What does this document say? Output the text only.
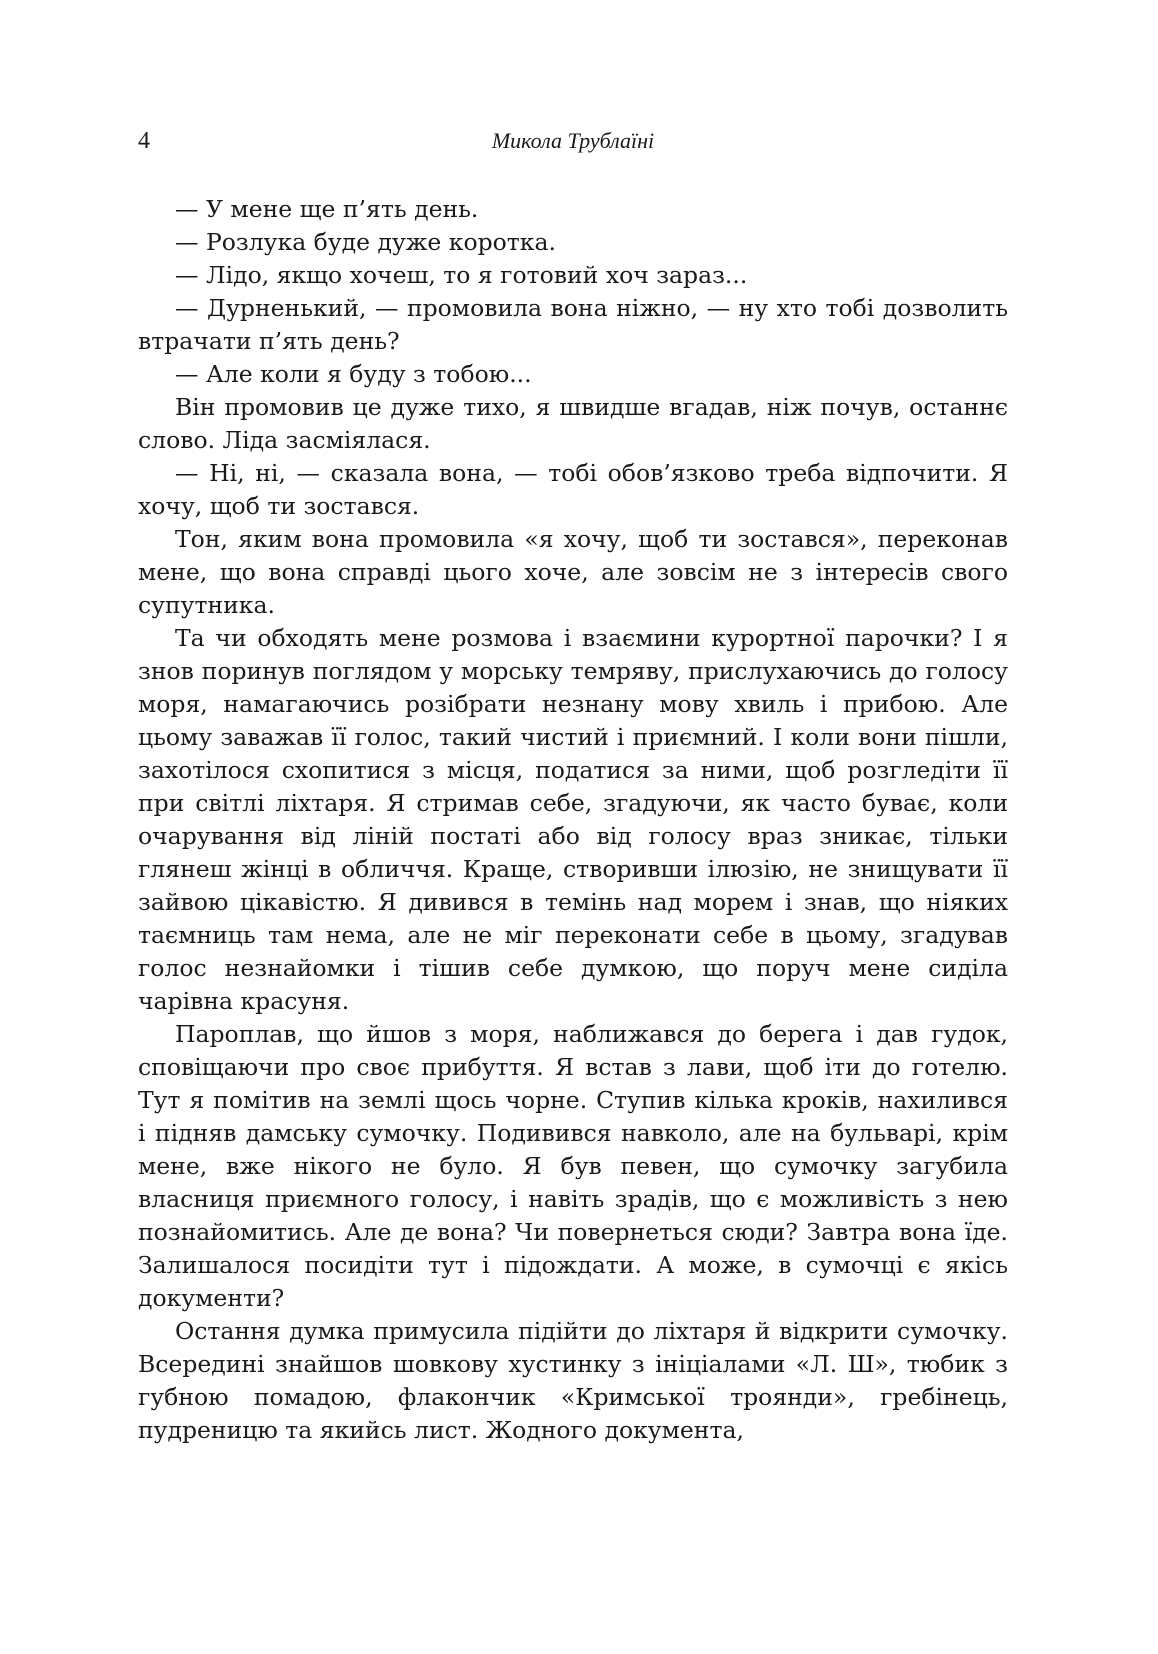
4	Микола Трублаїні

— У мене ще п’ять день.

— Розлука буде дуже коротка.

— Лідо, якщо хочеш, то я готовий хоч зараз...

— Дурненький, — промовила вона ніжно, — ну хто тобі дозволить втрачати п’ять день?

— Але коли я буду з тобою...

Він промовив це дуже тихо, я швидше вгадав, ніж почув, останнє слово. Ліда засміялася.

— Ні, ні, — сказала вона, — тобі обов’язково треба відпочити. Я хочу, щоб ти зостався.

Тон, яким вона промовила «я хочу, щоб ти зостався», переконав мене, що вона справді цього хоче, але зовсім не з інтересів свого супутника.

Та чи обходять мене розмова і взаємини курортної парочки? І я знов поринув поглядом у морську темряву, прислухаючись до голосу моря, намагаючись розібрати незнану мову хвиль і прибою. Але цьому заважав її голос, такий чистий і приємний. І коли вони пішли, захотілося схопитися з місця, податися за ними, щоб розгледіти її при світлі ліхтаря. Я стримав себе, згадуючи, як часто буває, коли очарування від ліній постаті або від голосу враз зникає, тільки глянеш жінці в обличчя. Краще, створивши ілюзію, не знищувати її зайвою цікавістю. Я дивився в темінь над морем і знав, що ніяких таємниць там нема, але не міг переконати себе в цьому, згадував голос незнайомки і тішив себе думкою, що поруч мене сиділа чарівна красуня.

Пароплав, що йшов з моря, наближався до берега і дав гудок, сповіщаючи про своє прибуття. Я встав з лави, щоб іти до готелю. Тут я помітив на землі щось чорне. Ступив кілька кроків, нахилився і підняв дамську сумочку. Подивився навколо, але на бульварі, крім мене, вже нікого не було. Я був певен, що сумочку загубила власниця приємного голосу, і навіть зрадів, що є можливість з нею познайомитись. Але де вона? Чи повернеться сюди? Завтра вона їде. Залишалося посидіти тут і підождати. А може, в сумочці є якісь документи?

Остання думка примусила підійти до ліхтаря й відкрити сумочку. Всередині знайшов шовкову хустинку з ініціалами «Л. Ш», тюбик з губною помадою, флакончик «Кримської троянди», гребінець, пудреницю та якийсь лист. Жодного документа,
